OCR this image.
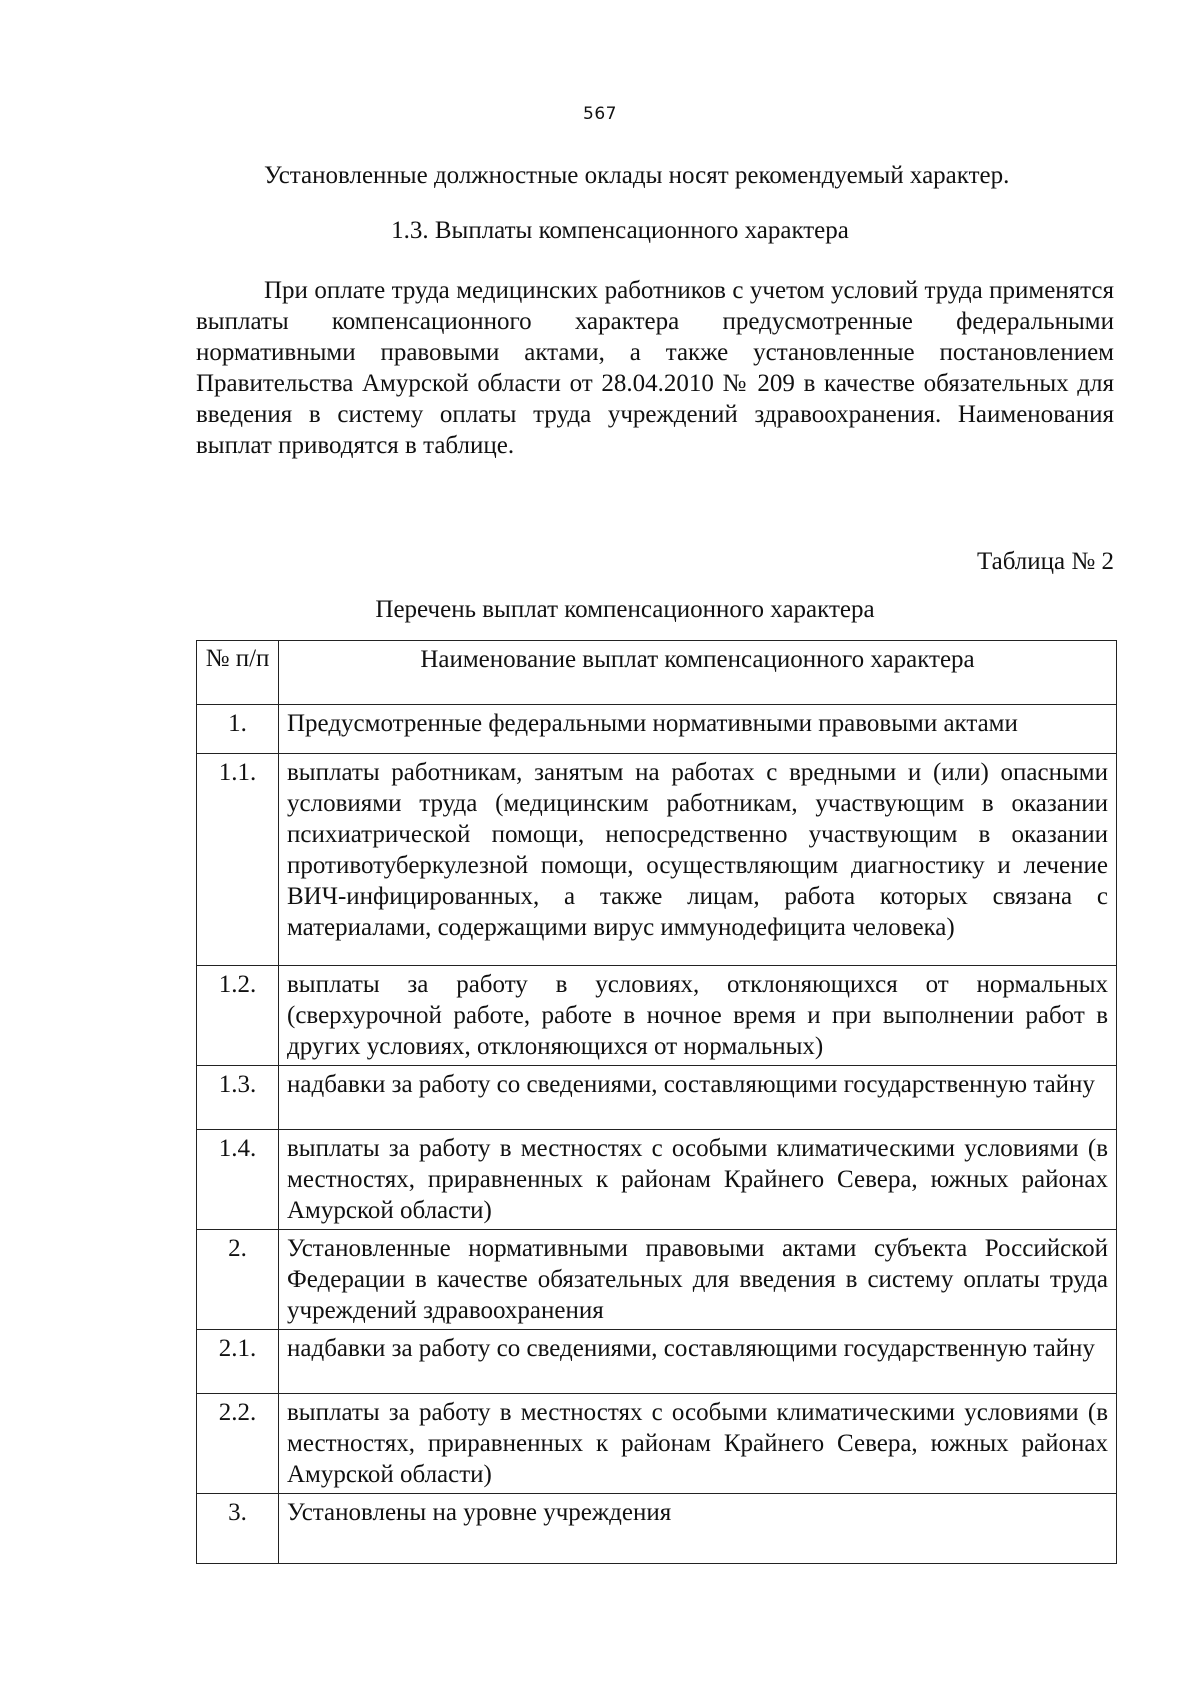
567
Установленные должностные оклады носят рекомендуемый характер.
1.3. Выплаты компенсационного характера
При оплате труда медицинских работников с учетом условий труда применятся выплаты компенсационного характера предусмотренные федеральными нормативными правовыми актами, а также установленные постановлением Правительства Амурской области от 28.04.2010 № 209 в качестве обязательных для введения в систему оплаты труда учреждений здравоохранения. Наименования выплат приводятся в таблице.
Таблица № 2
Перечень выплат компенсационного характера
№ п/п	Наименование выплат компенсационного характера
1.	Предусмотренные федеральными нормативными правовыми актами
1.1.	выплаты работникам, занятым на работах с вредными и (или) опасными условиями труда (медицинским работникам, участвующим в оказании психиатрической помощи, непосредственно участвующим в оказании противотуберкулезной помощи, осуществляющим диагностику и лечение ВИЧ-инфицированных, а также лицам, работа которых связана с материалами, содержащими вирус иммунодефицита человека)
1.2.	выплаты за работу в условиях, отклоняющихся от нормальных (сверхурочной работе, работе в ночное время и при выполнении работ в других условиях, отклоняющихся от нормальных)
1.3.	надбавки за работу со сведениями, составляющими государственную тайну
1.4.	выплаты за работу в местностях с особыми климатическими условиями (в местностях, приравненных к районам Крайнего Севера, южных районах Амурской области)
2.	Установленные нормативными правовыми актами субъекта Российской Федерации в качестве обязательных для введения в систему оплаты труда учреждений здравоохранения
2.1.	надбавки за работу со сведениями, составляющими государственную тайну
2.2.	выплаты за работу в местностях с особыми климатическими условиями (в местностях, приравненных к районам Крайнего Севера, южных районах Амурской области)
3.	Установлены на уровне учреждения
